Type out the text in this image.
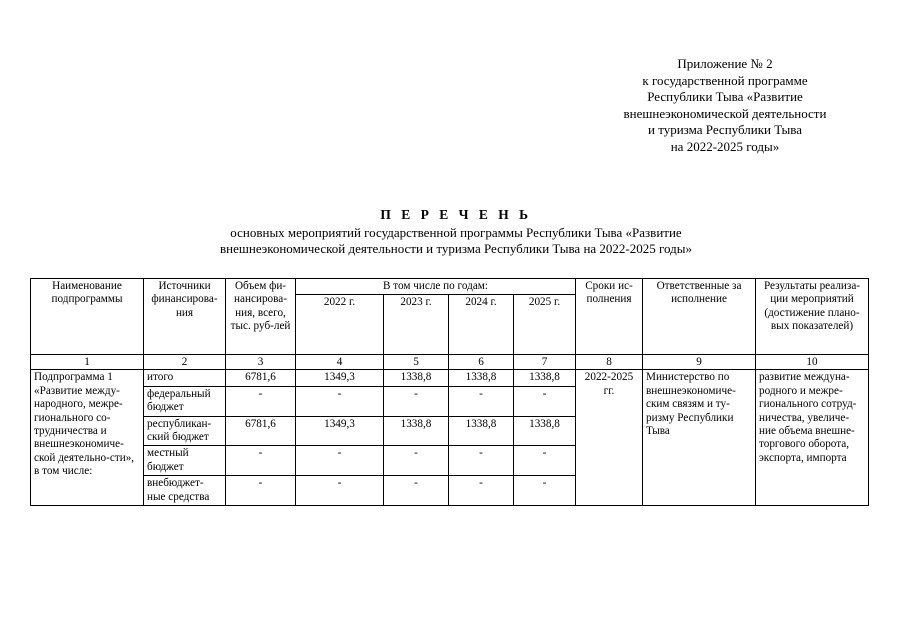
Приложение № 2
к государственной программе
Республики Тыва «Развитие
внешнеэкономической деятельности
и туризма Республики Тыва
на 2022-2025 годы»
П Е Р Е Ч Е Н Ь
основных мероприятий государственной программы Республики Тыва «Развитие
внешнеэкономической деятельности и туризма Республики Тыва на 2022-2025 годы»
Наименование подпрограммы	Источники финансирова-ния	Объем фи-нансирова-ния, всего, тыс. руб-лей	В том числе по годам:				Сроки ис-полнения	Ответственные за исполнение	Результаты реализа-ции мероприятий (достижение плано-вых показателей)
			2022 г.	2023 г.	2024 г.	2025 г.			
1	2	3	4	5	6	7	8	9	10
Подпрограмма 1 «Развитие между-народного, межре-гионального со-трудничества и внешнеэкономиче-ской деятельно-сти», в том числе:	итого	6781,6	1349,3	1338,8	1338,8	1338,8	2022-2025 гг.	Министерство по внешнеэкономиче-ским связям и ту-ризму Республики Тыва	развитие междуна-родного и межре-гионального сотруд-ничества, увеличе-ние объема внешне-торгового оборота, экспорта, импорта
	федеральный бюджет	-	-	-	-	-			
	республикан-ский бюджет	6781,6	1349,3	1338,8	1338,8	1338,8			
	местный бюджет	-	-	-	-	-			
	внебюджет-ные средства	-	-	-	-	-			
